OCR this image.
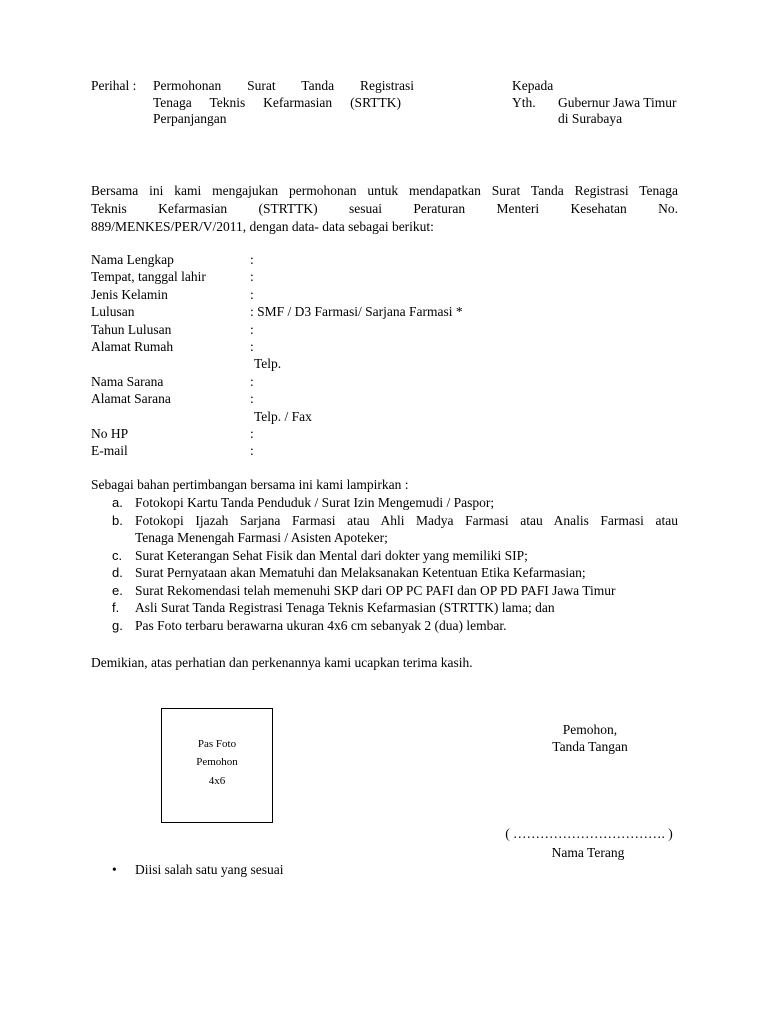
Perihal : Permohonan Surat Tanda Registrasi
Tenaga Teknis Kefarmasian (SRTTK)
Perpanjangan
Kepada
Yth. Gubernur Jawa Timur
di Surabaya
Bersama ini kami mengajukan permohonan untuk mendapatkan Surat Tanda Registrasi Tenaga
Teknis Kefarmasian (STRTTK) sesuai Peraturan Menteri Kesehatan No.
889/MENKES/PER/V/2011, dengan data- data sebagai berikut:
Nama Lengkap	:
Tempat, tanggal lahir	:
Jenis Kelamin	:
Lulusan	: SMF / D3 Farmasi/ Sarjana Farmasi *
Tahun Lulusan	:
Alamat Rumah	:
Telp.
Nama Sarana	:
Alamat Sarana	:
Telp. / Fax
No HP	:
E-mail	:
Sebagai bahan pertimbangan bersama ini kami lampirkan :
a. Fotokopi Kartu Tanda Penduduk / Surat Izin Mengemudi / Paspor;
b. Fotokopi Ijazah Sarjana Farmasi atau Ahli Madya Farmasi atau Analis Farmasi atau
Tenaga Menengah Farmasi / Asisten Apoteker;
c. Surat Keterangan Sehat Fisik dan Mental dari dokter yang memiliki SIP;
d. Surat Pernyataan akan Mematuhi dan Melaksanakan Ketentuan Etika Kefarmasian;
e. Surat Rekomendasi telah memenuhi SKP dari OP PC PAFI dan OP PD PAFI Jawa Timur
f. Asli Surat Tanda Registrasi Tenaga Teknis Kefarmasian (STRTTK) lama; dan
g. Pas Foto terbaru berawarna ukuran 4x6 cm sebanyak 2 (dua) lembar.
Demikian, atas perhatian dan perkenannya kami ucapkan terima kasih.
Pas Foto
Pemohon
4x6
Pemohon,
Tanda Tangan
( ……………………………. )
Nama Terang
• Diisi salah satu yang sesuai
